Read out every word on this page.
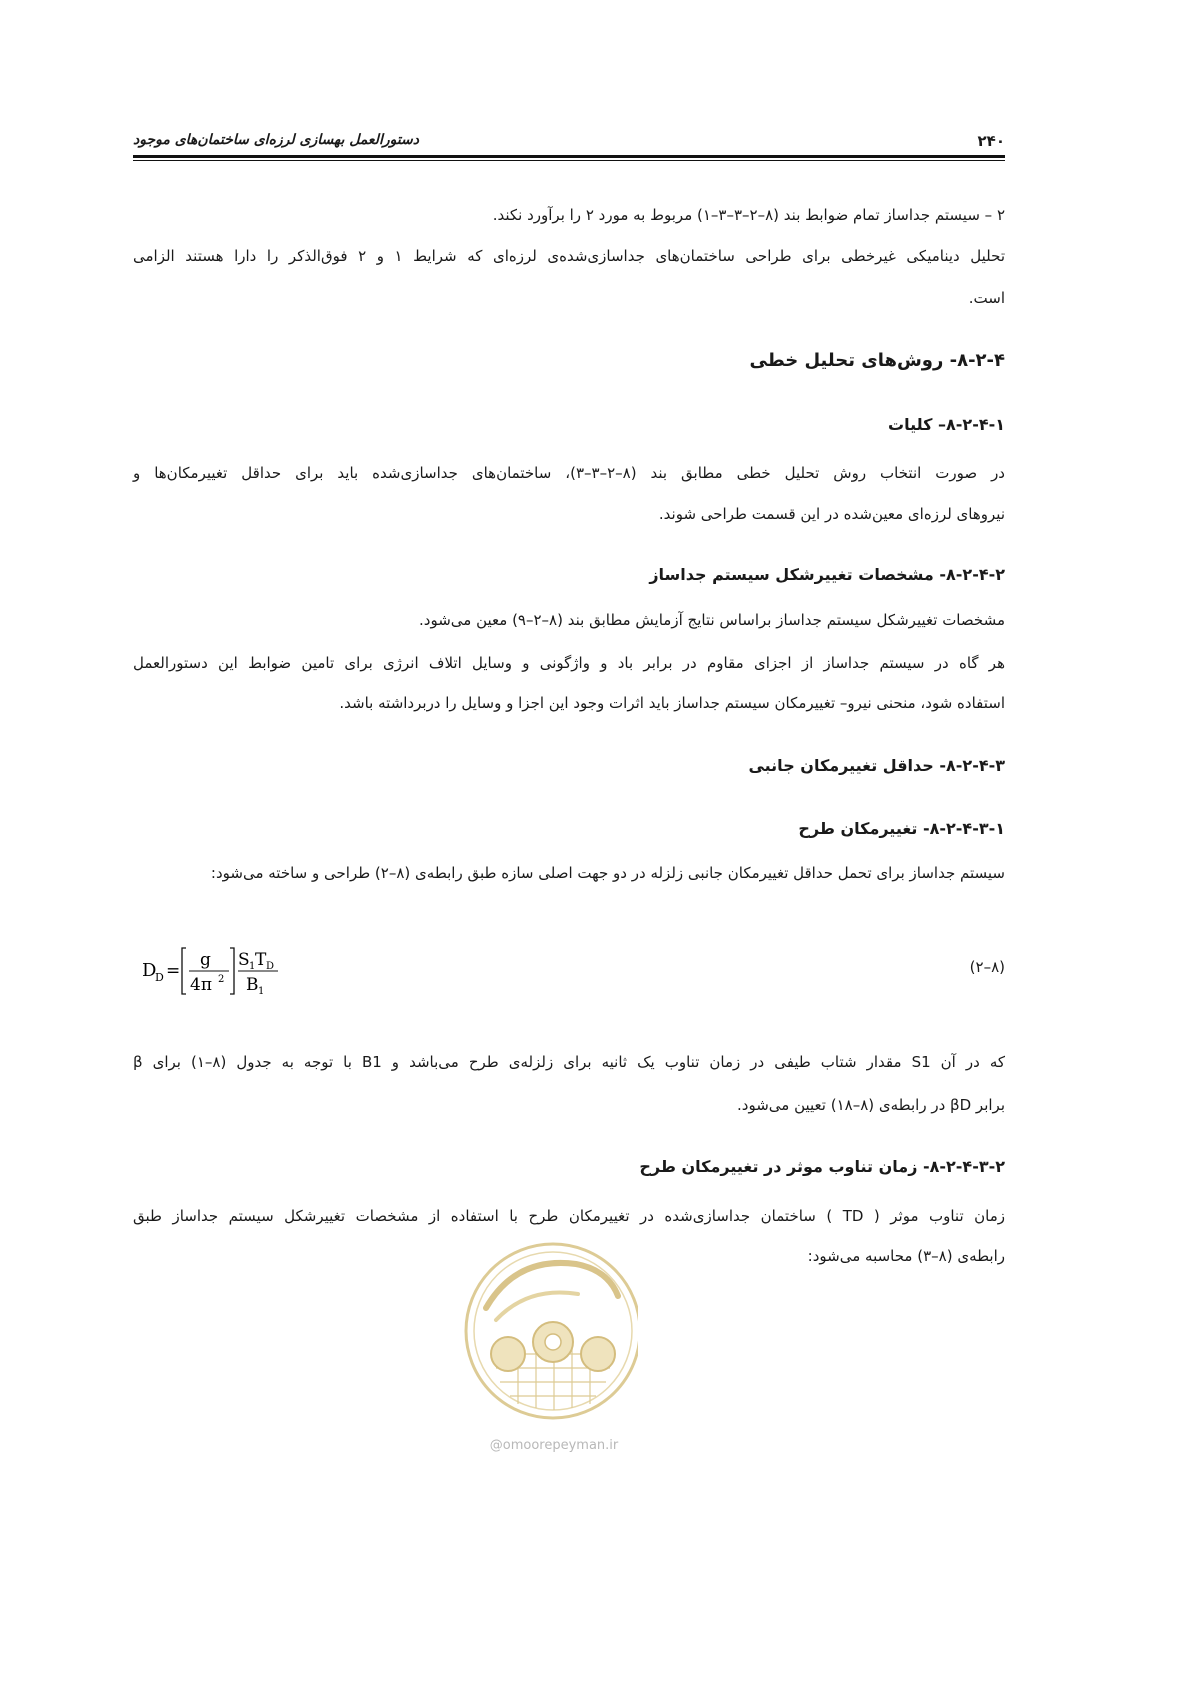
۲۴۰
دستورالعمل بهسازی لرزه‌ای ساختمان‌های موجود
۲ – سیستم جداساز تمام ضوابط بند (۸–۲–۳–۳–۱) مربوط به مورد ۲ را برآورد نکند.
تحلیل دینامیکی غیرخطی برای طراحی ساختمان‌های جداسازی‌شده‌ی لرزه‌ای که شرایط ۱ و ۲ فوق‌الذکر را دارا هستند الزامی
است.
۸-۲-۴- روش‌های تحلیل خطی
۸-۲-۴-۱– کلیات
در صورت انتخاب روش تحلیل خطی مطابق بند (۸–۲–۳–۳)، ساختمان‌های جداسازی‌شده باید برای حداقل تغییرمکان‌ها و
نیروهای لرزه‌ای معین‌شده در این قسمت طراحی شوند.
۸-۲-۴-۲- مشخصات تغییرشکل سیستم جداساز
مشخصات تغییرشکل سیستم جداساز براساس نتایج آزمایش مطابق بند (۸–۲–۹) معین می‌شود.
هر گاه در سیستم جداساز از اجزای مقاوم در برابر باد و واژگونی و وسایل اتلاف انرژی برای تامین ضوابط این دستورالعمل
استفاده شود، منحنی نیرو– تغییرمکان سیستم جداساز باید اثرات وجود این اجزا و وسایل را دربرداشته باشد.
۸-۲-۴-۳- حداقل تغییرمکان جانبی
۸-۲-۴-۳-۱- تغییرمکان طرح
سیستم جداساز برای تحمل حداقل تغییرمکان جانبی زلزله در دو جهت اصلی سازه طبق رابطه‌ی (۸–۲) طراحی و ساخته می‌شود:
D
D =
g
4π 2
S 1 T D
B 1
(۸–۲)
که در آن S1 مقدار شتاب طیفی در زمان تناوب یک ثانیه برای زلزله‌ی طرح می‌باشد و B1 با توجه به جدول (۸–۱) برای β
برابر βD در رابطه‌ی (۸–۱۸) تعیین می‌شود.
۸-۲-۴-۳-۲- زمان تناوب موثر در تغییرمکان طرح
زمان تناوب موثر ( TD ) ساختمان جداسازی‌شده در تغییرمکان طرح با استفاده از مشخصات تغییرشکل سیستم جداساز طبق
رابطه‌ی (۸–۳) محاسبه می‌شود:
@omoorepeyman.ir
